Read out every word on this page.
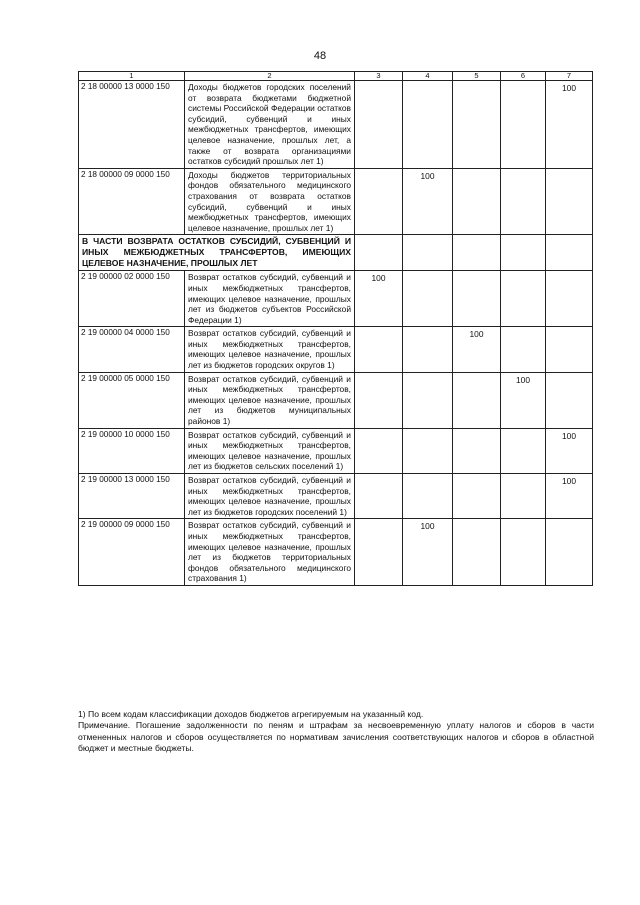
48
1	2	3	4	5	6	7
2 18 00000 13 0000 150	Доходы бюджетов городских поселений от возврата бюджетами бюджетной системы Российской Федерации остатков субсидий, субвенций и иных межбюджетных трансфертов, имеющих целевое назначение, прошлых лет, а также от возврата организациями остатков субсидий прошлых лет 1)					100
2 18 00000 09 0000 150	Доходы бюджетов территориальных фондов обязательного медицинского страхования от возврата остатков субсидий, субвенций и иных межбюджетных трансфертов, имеющих целевое назначение, прошлых лет 1)		100			
В ЧАСТИ ВОЗВРАТА ОСТАТКОВ СУБСИДИЙ, СУБВЕНЦИЙ И ИНЫХ МЕЖБЮДЖЕТНЫХ ТРАНСФЕРТОВ, ИМЕЮЩИХ ЦЕЛЕВОЕ НАЗНАЧЕНИЕ, ПРОШЛЫХ ЛЕТ						
2 19 00000 02 0000 150	Возврат остатков субсидий, субвенций и иных межбюджетных трансфертов, имеющих целевое назначение, прошлых лет из бюджетов субъектов Российской Федерации 1)	100				
2 19 00000 04 0000 150	Возврат остатков субсидий, субвенций и иных межбюджетных трансфертов, имеющих целевое назначение, прошлых лет из бюджетов городских округов 1)			100		
2 19 00000 05 0000 150	Возврат остатков субсидий, субвенций и иных межбюджетных трансфертов, имеющих целевое назначение, прошлых лет из бюджетов муниципальных районов 1)				100	
2 19 00000 10 0000 150	Возврат остатков субсидий, субвенций и иных межбюджетных трансфертов, имеющих целевое назначение, прошлых лет из бюджетов сельских поселений 1)					100
2 19 00000 13 0000 150	Возврат остатков субсидий, субвенций и иных межбюджетных трансфертов, имеющих целевое назначение, прошлых лет из бюджетов городских поселений 1)					100
2 19 00000 09 0000 150	Возврат остатков субсидий, субвенций и иных межбюджетных трансфертов, имеющих целевое назначение, прошлых лет из бюджетов территориальных фондов обязательного медицинского страхования 1)		100			
1) По всем кодам классификации доходов бюджетов агрегируемым на указанный код.
Примечание. Погашение задолженности по пеням и штрафам за несвоевременную уплату налогов и сборов в части отмененных налогов и сборов осуществляется по нормативам зачисления соответствующих налогов и сборов в областной бюджет и местные бюджеты.
